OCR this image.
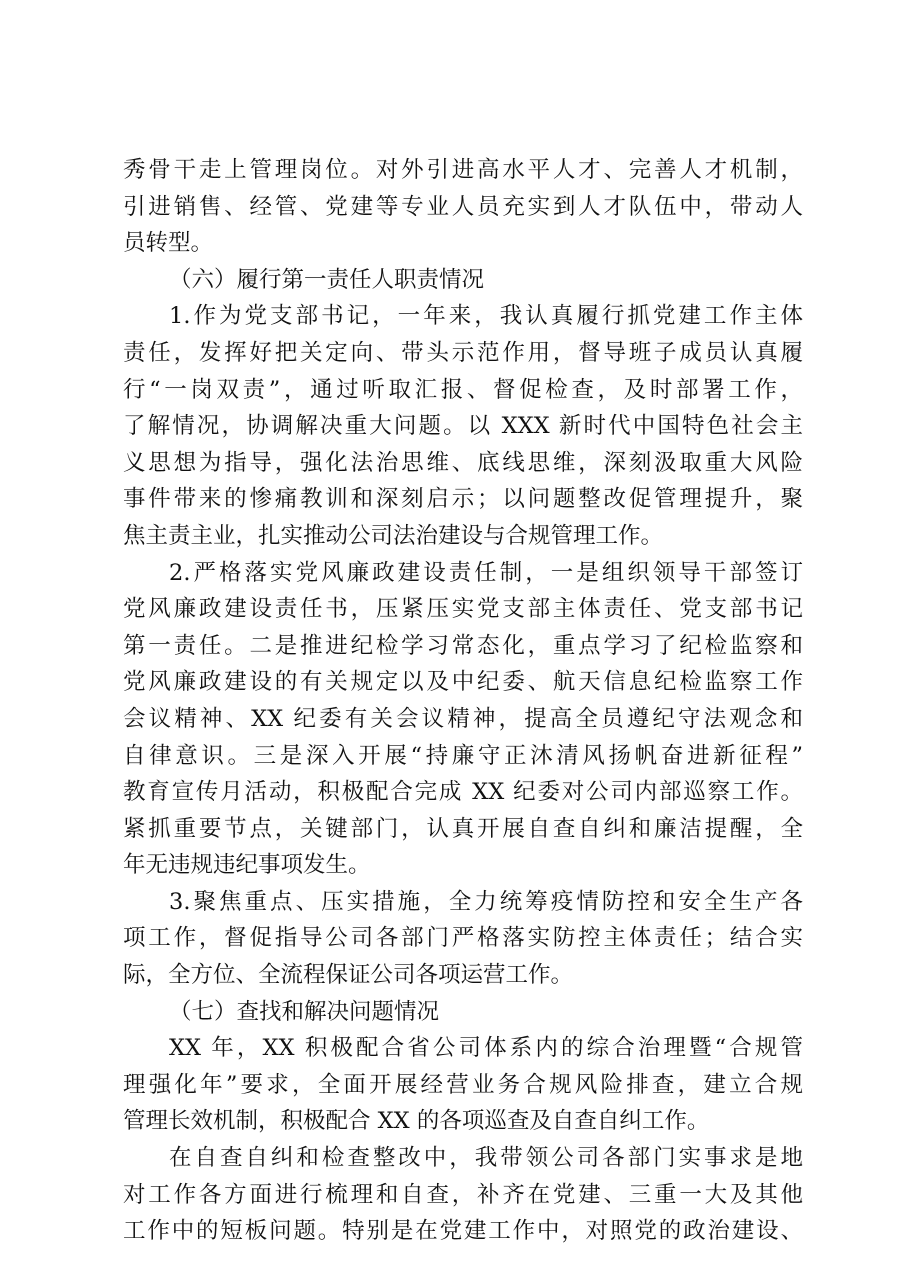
秀骨干走上管理岗位。对外引进高水平人才、完善人才机制，
引进销售、经管、党建等专业人员充实到人才队伍中，带动人
员转型。
（六）履行第一责任人职责情况
1.作为党支部书记，一年来，我认真履行抓党建工作主体
责任，发挥好把关定向、带头示范作用，督导班子成员认真履
行“一岗双责”，通过听取汇报、督促检查，及时部署工作，
了解情况，协调解决重大问题。以 XXX 新时代中国特色社会主
义思想为指导，强化法治思维、底线思维，深刻汲取重大风险
事件带来的惨痛教训和深刻启示；以问题整改促管理提升，聚
焦主责主业，扎实推动公司法治建设与合规管理工作。
2.严格落实党风廉政建设责任制，一是组织领导干部签订
党风廉政建设责任书，压紧压实党支部主体责任、党支部书记
第一责任。二是推进纪检学习常态化，重点学习了纪检监察和
党风廉政建设的有关规定以及中纪委、航天信息纪检监察工作
会议精神、XX 纪委有关会议精神，提高全员遵纪守法观念和
自律意识。三是深入开展“持廉守正沐清风扬帆奋进新征程”
教育宣传月活动，积极配合完成 XX 纪委对公司内部巡察工作。
紧抓重要节点，关键部门，认真开展自查自纠和廉洁提醒，全
年无违规违纪事项发生。
3.聚焦重点、压实措施，全力统筹疫情防控和安全生产各
项工作，督促指导公司各部门严格落实防控主体责任；结合实
际，全方位、全流程保证公司各项运营工作。
（七）查找和解决问题情况
XX 年，XX 积极配合省公司体系内的综合治理暨“合规管
理强化年”要求，全面开展经营业务合规风险排查，建立合规
管理长效机制，积极配合 XX 的各项巡查及自查自纠工作。
在自查自纠和检查整改中，我带领公司各部门实事求是地
对工作各方面进行梳理和自查，补齐在党建、三重一大及其他
工作中的短板问题。特别是在党建工作中，对照党的政治建设、
